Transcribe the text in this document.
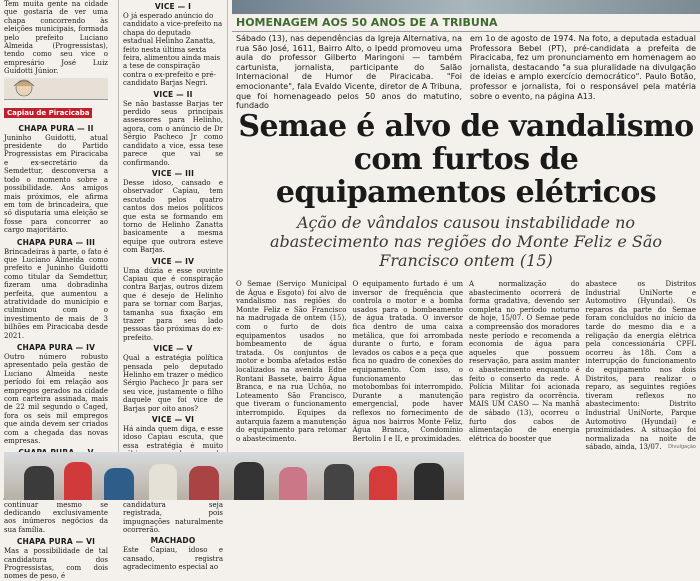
Tem muita gente na cidade que gostaria de ver uma chapa concorrendo às eleições municipais, formada pelo prefeito Luciano Almeida (Progressistas), tendo como seu vice o empresário José Luiz Guidotti Júnior.
Capiau de Piracicaba
CHAPA PURA — II
Juninho Guidotti, atual presidente do Partido Progressistas em Piracicaba e ex-secretário da Semdettur, desconversa a todo o momento sobre a possibilidade. Aos amigos mais próximos, ele afirma em tom de brincadeira, que só disputaria uma eleição se fosse para concorrer ao cargo majoritário.
CHAPA PURA — III
Brincadeiras à parte, o fato é que Luciano Almeida como prefeito e Juninho Guidotti como titular da Semdettur, fizeram uma dobradinha perfeita, que aumentou a atratividade do município e culminou com o investimento de mais de 3 bilhões em Piracicaba desde 2021.
CHAPA PURA — IV
Outro número robusto apresentado pela gestão de Luciano Almeida neste período foi em relação aos empregos gerados na cidade com carteira assinada, mais de 22 mil segundo o Caged, fora os seis mil empregos que ainda devem ser criados com a chegada das novas empresas.
continuar mesmo se dedicando exclusivamente aos inúmeros negócios da sua família.
CHAPA PURA — VI
Mas a possibilidade de tal candidatura dos Progressistas, com dois nomes de peso, é
VICE — I
O já esperado anúncio do candidato a vice-prefeito na chapa do deputado estadual Helinho Zanatta, feito nesta última sexta feira, alimentou ainda mais a tese de conspiração contra o ex-prefeito e pré-candidato Barjas Negri.
VICE — II
Se não bastasse Barjas ter perdido seus principais assessores para Helinho, agora, com o anúncio de Dr Sérgio Pacheco Jr como candidato a vice, essa tese parece que vai se confirmando.
VICE — III
Desse idoso, cansado e observador Capiau, tem escutado pelos quatro cantos dos meios políticos que esta se formando em torno de Helinho Zanatta basicamente a mesma equipe que outrora esteve com Barjas.
VICE — IV
Uma dúzia e esse ouvinte Capiau que é conspiração contra Barjas, outros dizem que é desejo de Helinho para se tornar com Barjas, tamanha sua fixação em trazer para seu lado pessoas tão próximas do ex-prefeito.
VICE — V
Qual a estratégia política pensada pelo deputado Helinho em trazer o médico Sérgio Pacheco Jr para ser seu vice, justamente o filho daquele que foi vice de Barjas por oito anos?
VICE — VI
Há ainda quem diga, e esse idoso Capiau escuta, que essa estratégia é muito candidatura seja registrada, pois impugnações naturalmente ocorrerão.
MACHADO
Este Capiau, idoso e cansado, registra agradecimento especial ao
HOMENAGEM AOS 50 ANOS DE A TRIBUNA

Sábado (13), nas dependências da Igreja Alternativa, na rua São José, 1611, Bairro Alto, o Ipedd promoveu uma aula do professor Gilberto Maringoni — também cartunista, jornalista, participante do Salão Internacional de Humor de Piracicaba. "Foi emocionante", fala Evaldo Vicente, diretor de A Tribuna, que foi homenageado pelos 50 anos do matutino, fundado

em 1o de agosto de 1974. Na foto, a deputada estadual Professora Bebel (PT), pré-candidata a prefeita de Piracicaba, fez um pronunciamento em homenagem ao jornalista, destacando "a sua pluralidade na divulgação de ideias e amplo exercício democrático". Paulo Botão, professor e jornalista, foi o responsável pela matéria sobre o evento, na página A13.

Semae é alvo de vandalismo com furtos de equipamentos elétricos
Ação de vândalos causou instabilidade no abastecimento nas regiões do Monte Feliz e São Francisco ontem (15)

O Semae (Serviço Municipal de Água e Esgoto) foi alvo de vandalismo nas regiões do Monte Feliz e São Francisco na madrugada de ontem (15), com o furto de dois equipamentos usados no bombeamento de água tratada. Os conjuntos de motor e bomba afetados estão localizados na avenida Edne Rontani Bassete, bairro Água Branca, e na rua Uchôa, no Loteamento São Francisco, que tiveram o funcionamento interrompido. Equipes da autarquia fazem a manutenção do equipamento para retomar o abastecimento.

O equipamento furtado é um inversor de frequência que controla o motor e a bomba usados para o bombeamento de água tratada. O inversor fica dentro de uma caixa metálica, que foi arrombada durante o furto, e foram levados os cabos e a peça que fica no quadro de conexões do equipamento. Com isso, o funcionamento das motobombas foi interrompido. Durante a manutenção emergencial, pode haver reflexos no fornecimento de água nos bairros Monte Feliz, Água Branca, Condomínio Bertolin I e II, e proximidades.

A normalização do abastecimento ocorrerá de forma gradativa, devendo ser completa no período noturno de hoje, 15/07. O Semae pede a compreensão dos moradores neste período e recomenda a economia de água para aqueles que possuem reservação, para assim manter o abastecimento enquanto é feito o conserto da rede. A Polícia Militar foi acionada para registro da ocorrência. MAIS UM CASO — Na manhã de sábado (13), ocorreu o furto dos cabos de alimentação de energia elétrica do booster que

abastece os Distritos Industrial UniNorte e Automotivo (Hyundai). Os reparos da parte do Semae foram concluídos no início da tarde do mesmo dia e a religação da energia elétrica pela concessionária CPFL ocorreu às 18h. Com a interrupção do funcionamento do equipamento nos dois Distritos, para realizar o reparo, as seguintes regiões tiveram reflexos no abastecimento: Distrito Industrial UniNorte, Parque Automotivo (Hyundai) e proximidades. A situação foi normalizada na noite de sábado, ainda, 13/07.	Divulgação
